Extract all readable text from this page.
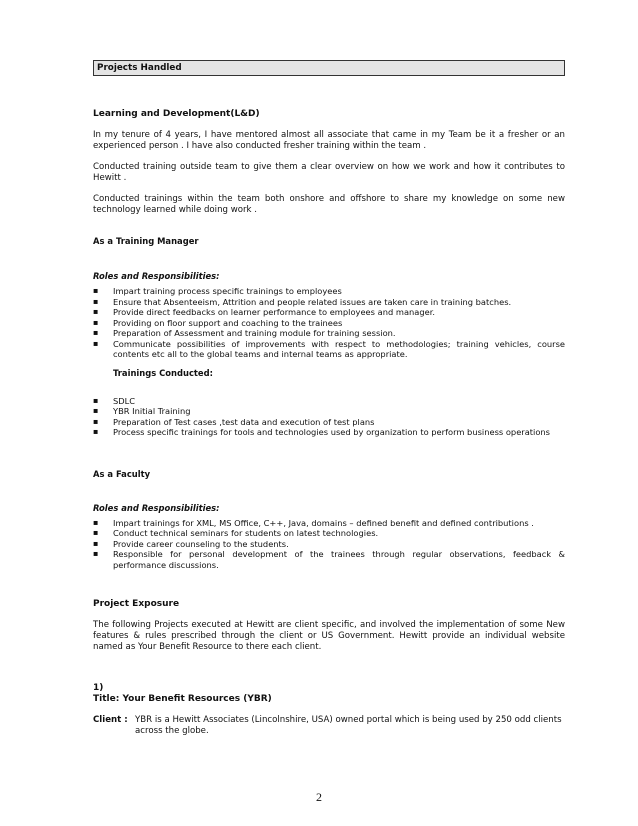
Projects Handled
Learning and Development(L&D)

In my tenure of 4 years, I have mentored almost all associate that came in my Team be it a fresher or an experienced person . I have also conducted fresher training within the team .

Conducted training outside team to give them a clear overview on how we work and how it contributes to Hewitt .

Conducted trainings within the team both onshore and offshore to share my knowledge on some new technology learned while doing work .

As a Training Manager
Roles and Responsibilities:
▪ Impart training process specific trainings to employees
▪ Ensure that Absenteeism, Attrition and people related issues are taken care in training batches.
▪ Provide direct feedbacks on learner performance to employees and manager.
▪ Providing on floor support and coaching to the trainees
▪ Preparation of Assessment and training module for training session.
▪ Communicate possibilities of improvements with respect to methodologies; training vehicles, course contents etc all to the global teams and internal teams as appropriate.
Trainings Conducted:
▪ SDLC
▪ YBR Initial Training
▪ Preparation of Test cases ,test data and execution of test plans
▪ Process specific trainings for tools and technologies used by organization to perform business operations
As a Faculty
Roles and Responsibilities:
▪ Impart trainings for XML, MS Office, C++, Java, domains – defined benefit and defined contributions .
▪ Conduct technical seminars for students on latest technologies.
▪ Provide career counseling to the students.
▪ Responsible for personal development of the trainees through regular observations, feedback & performance discussions.
Project Exposure

The following Projects executed at Hewitt are client specific, and involved the implementation of some New features & rules prescribed through the client or US Government. Hewitt provide an individual website named as Your Benefit Resource to there each client.

1)
Title: Your Benefit Resources (YBR)
Client : YBR is a Hewitt Associates (Lincolnshire, USA) owned portal which is being used by 250 odd clients across the globe.
2
